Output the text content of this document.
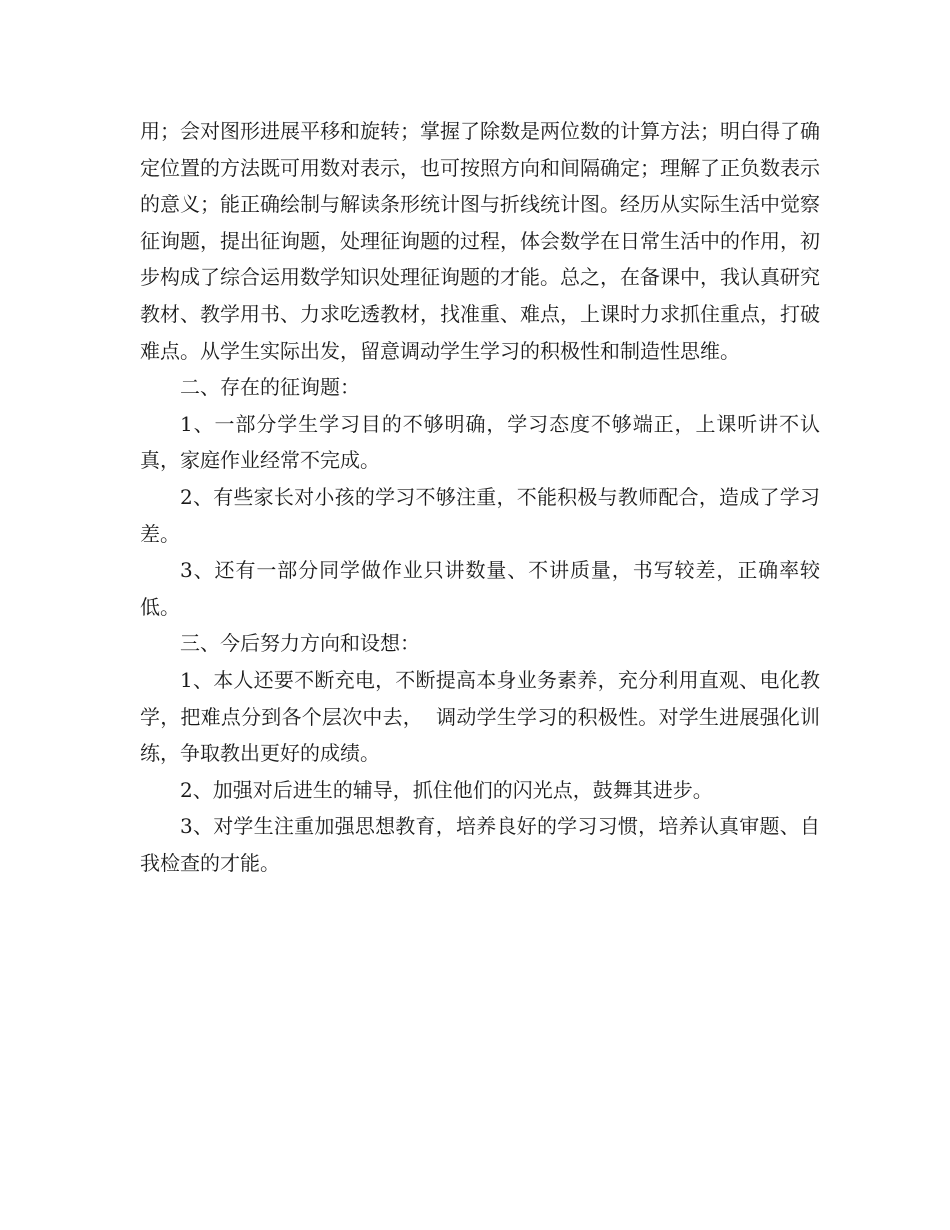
用；会对图形进展平移和旋转；掌握了除数是两位数的计算方法；明白得了确定位置的方法既可用数对表示，也可按照方向和间隔确定；理解了正负数表示的意义；能正确绘制与解读条形统计图与折线统计图。经历从实际生活中觉察征询题，提出征询题，处理征询题的过程，体会数学在日常生活中的作用，初步构成了综合运用数学知识处理征询题的才能。总之，在备课中，我认真研究教材、教学用书、力求吃透教材，找准重、难点，上课时力求抓住重点，打破难点。从学生实际出发，留意调动学生学习的积极性和制造性思维。

二、存在的征询题：

1、一部分学生学习目的不够明确，学习态度不够端正，上课听讲不认真，家庭作业经常不完成。

2、有些家长对小孩的学习不够注重，不能积极与教师配合，造成了学习差。

3、还有一部分同学做作业只讲数量、不讲质量，书写较差，正确率较低。

三、今后努力方向和设想：

1、本人还要不断充电，不断提高本身业务素养，充分利用直观、电化教学，把难点分到各个层次中去，  调动学生学习的积极性。对学生进展强化训练，争取教出更好的成绩。

2、加强对后进生的辅导，抓住他们的闪光点，鼓舞其进步。

3、对学生注重加强思想教育，培养良好的学习习惯，培养认真审题、自我检查的才能。
